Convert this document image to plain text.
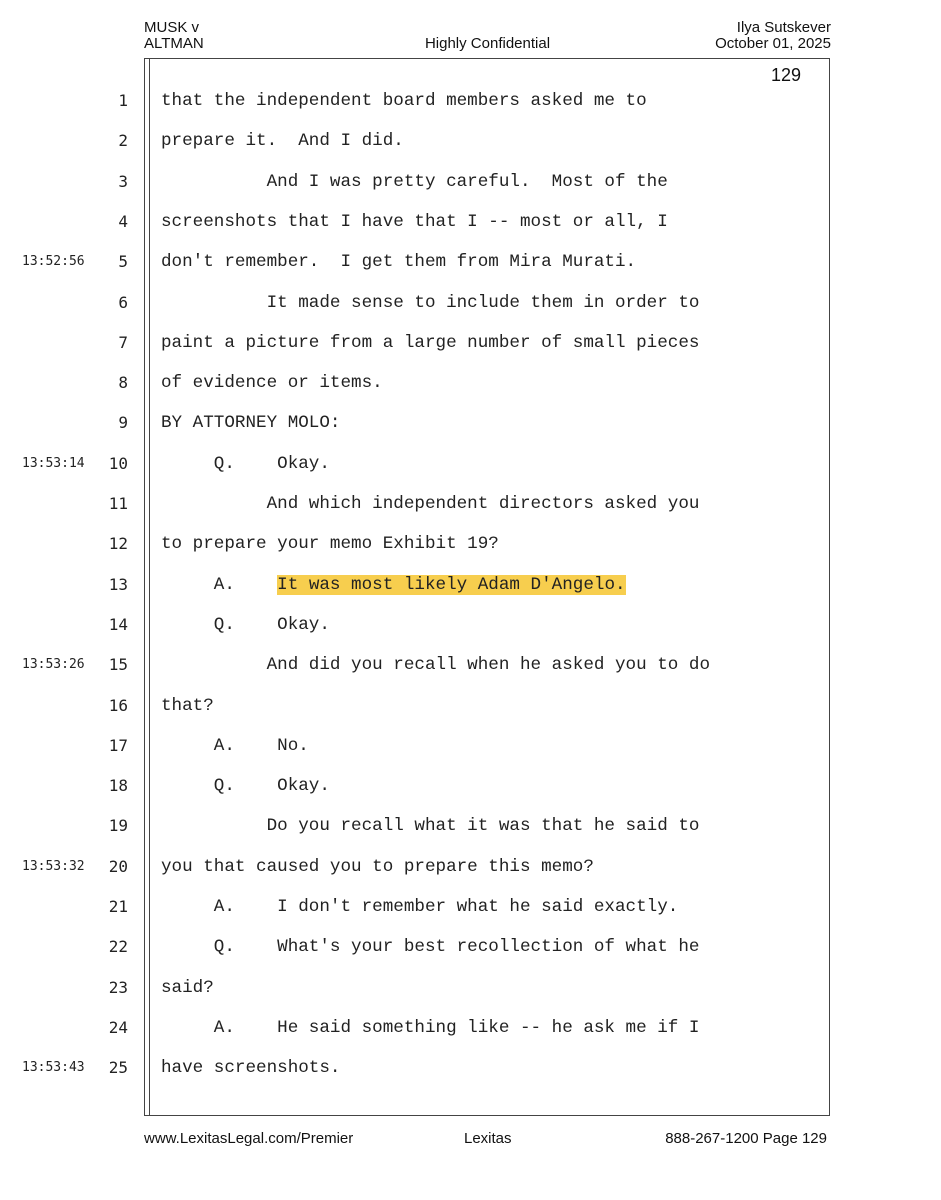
MUSK v
ALTMAN	Highly Confidential
Ilya Sutskever
October 01, 2025
129
1 that the independent board members asked me to
2 prepare it.  And I did.
3 And I was pretty careful.  Most of the
4 screenshots that I have that I -- most or all, I
13:52:56	5 don't remember.  I get them from Mira Murati.
6 It made sense to include them in order to
7 paint a picture from a large number of small pieces
8 of evidence or items.
9 BY ATTORNEY MOLO:
13:53:14	10 Q.    Okay.
11 And which independent directors asked you
12 to prepare your memo Exhibit 19?
13 A.    It was most likely Adam D'Angelo.
14 Q.    Okay.
13:53:26	15 And did you recall when he asked you to do
16 that?
17 A.    No.
18 Q.    Okay.
19 Do you recall what it was that he said to
13:53:32	20 you that caused you to prepare this memo?
21 A.    I don't remember what he said exactly.
22 Q.    What's your best recollection of what he
23 said?
24 A.    He said something like -- he ask me if I
13:53:43	25 have screenshots.
www.LexitasLegal.com/Premier	Lexitas	888-267-1200 Page 129
